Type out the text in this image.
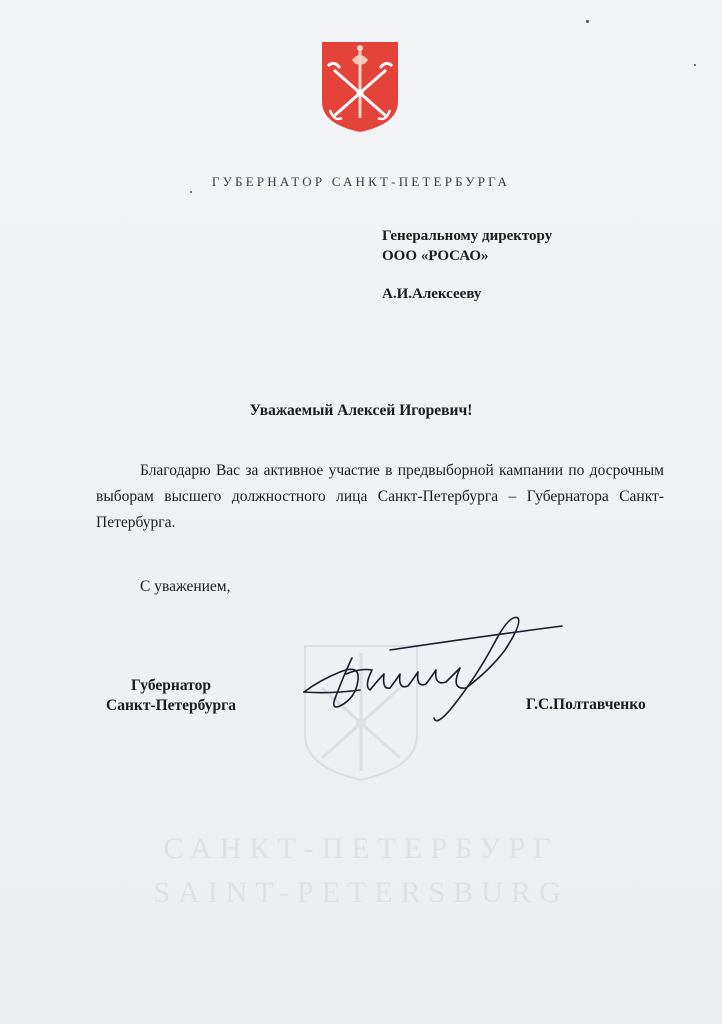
ГУБЕРНАТОР САНКТ-ПЕТЕРБУРГА
Генеральному директору
ООО «РОСАО»
А.И.Алексееву
Уважаемый Алексей Игоревич!
Благодарю Вас за активное участие в предвыборной кампании по досрочным выборам высшего должностного лица Санкт-Петербурга – Губернатора Санкт-Петербурга.
С уважением,
Губернатор
Санкт-Петербурга	Г.С.Полтавченко
САНКТ-ПЕТЕРБУРГ
SAINT-PETERSBURG
